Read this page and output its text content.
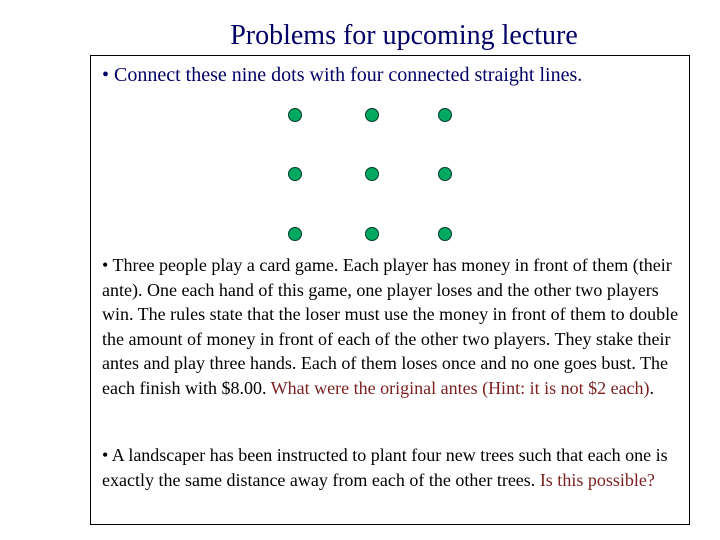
Problems for upcoming lecture
• Connect these nine dots with four connected straight lines.
• Three people play a card game. Each player has money in front of them (their ante). One each hand of this game, one player loses and the other two players win. The rules state that the loser must use the money in front of them to double the amount of money in front of each of the other two players. They stake their antes and play three hands. Each of them loses once and no one goes bust. The each finish with $8.00. What were the original antes (Hint: it is not $2 each).
• A landscaper has been instructed to plant four new trees such that each one is exactly the same distance away from each of the other trees. Is this possible?
